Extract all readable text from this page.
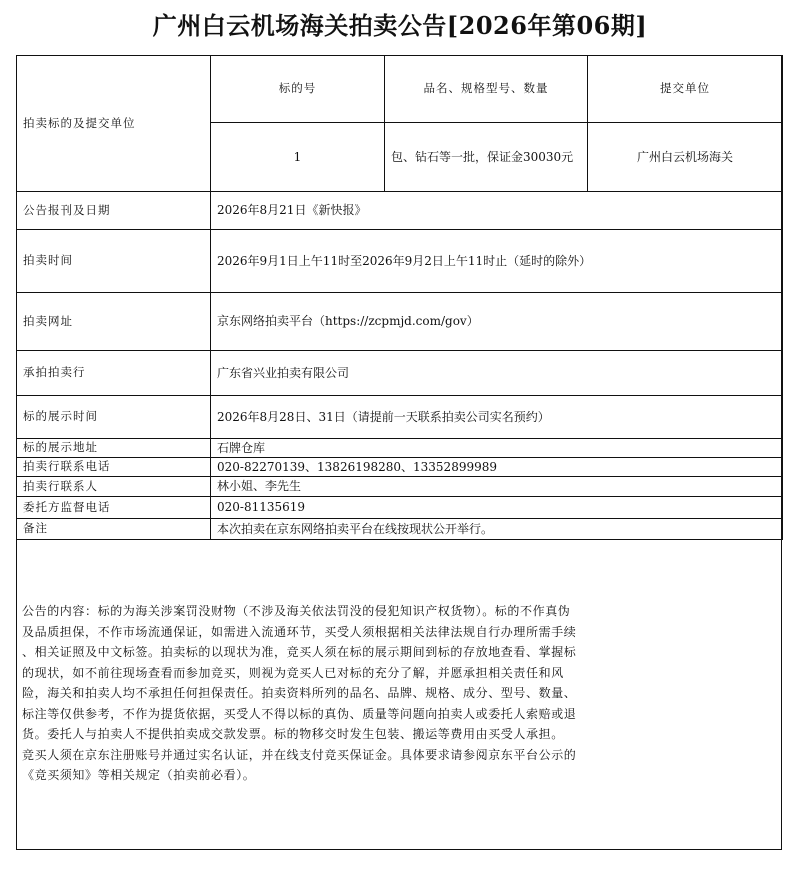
广州白云机场海关拍卖公告[2026年第06期]
拍卖标的及提交单位	标的号	品名、规格型号、数量	提交单位
	1	包、钻石等一批，保证金30030元	广州白云机场海关
公告报刊及日期	2026年8月21日《新快报》		
拍卖时间	2026年9月1日上午11时至2026年9月2日上午11时止（延时的除外）		
拍卖网址	京东网络拍卖平台（https://zcpmjd.com/gov）		
承拍拍卖行	广东省兴业拍卖有限公司		
标的展示时间	2026年8月28日、31日（请提前一天联系拍卖公司实名预约）		
标的展示地址	石牌仓库		
拍卖行联系电话	020-82270139、13826198280、13352899989		
拍卖行联系人	林小姐、李先生		
委托方监督电话	020-81135619		
备注	本次拍卖在京东网络拍卖平台在线按现状公开举行。		
公告的内容：标的为海关涉案罚没财物（不涉及海关依法罚没的侵犯知识产权货物）。标的不作真伪
及品质担保，不作市场流通保证，如需进入流通环节，买受人须根据相关法律法规自行办理所需手续
、相关证照及中文标签。拍卖标的以现状为准，竞买人须在标的展示期间到标的存放地查看、掌握标
的现状，如不前往现场查看而参加竞买，则视为竞买人已对标的充分了解，并愿承担相关责任和风
险，海关和拍卖人均不承担任何担保责任。拍卖资料所列的品名、品牌、规格、成分、型号、数量、
标注等仅供参考，不作为提货依据，买受人不得以标的真伪、质量等问题向拍卖人或委托人索赔或退
货。委托人与拍卖人不提供拍卖成交款发票。标的物移交时发生包装、搬运等费用由买受人承担。
竞买人须在京东注册账号并通过实名认证，并在线支付竞买保证金。具体要求请参阅京东平台公示的
《竞买须知》等相关规定（拍卖前必看）。
